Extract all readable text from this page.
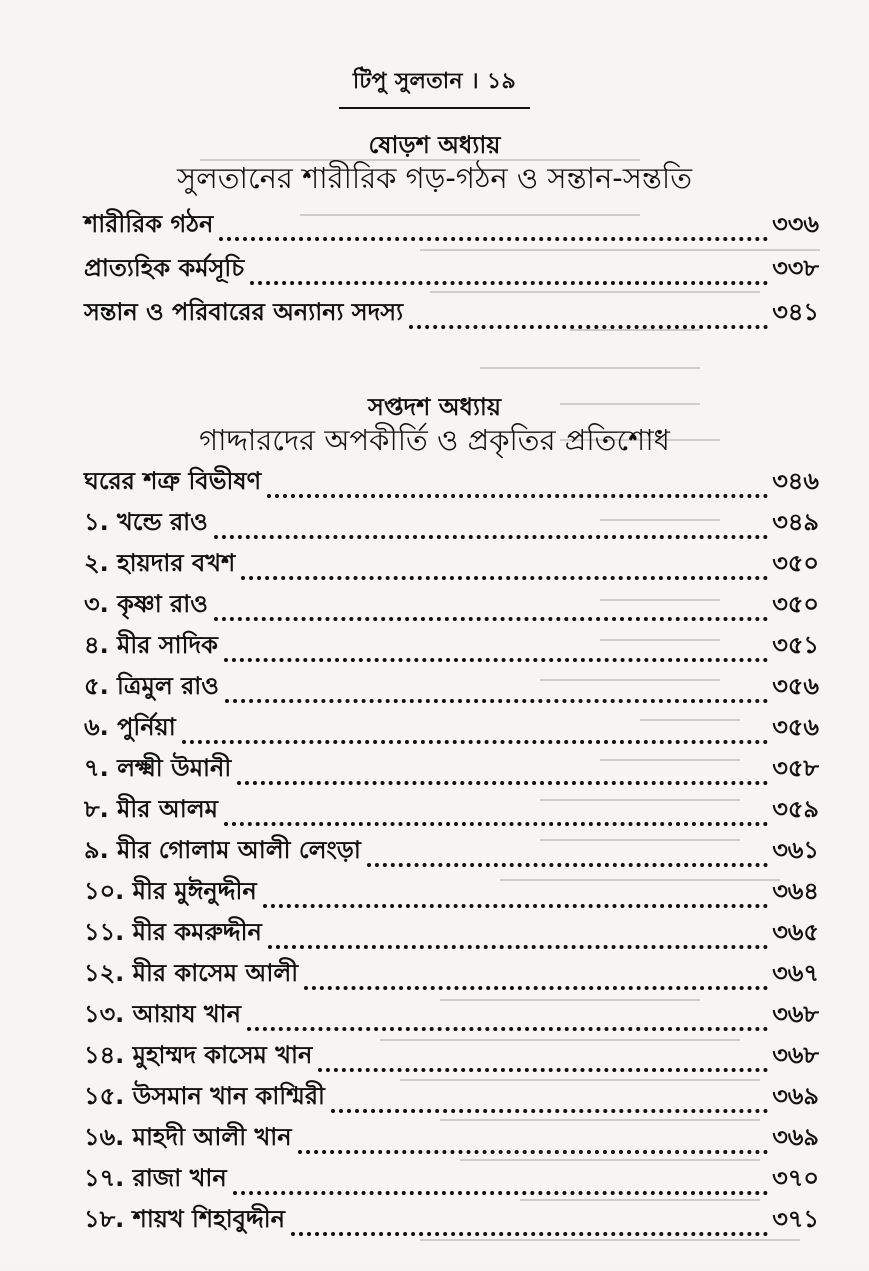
টিপু সুলতান । ১৯
ষোড়শ অধ্যায়
সুলতানের শারীরিক গড়-গঠন ও সন্তান-সন্ততি
শারীরিক গঠন	৩৩৬
প্রাত্যহিক কর্মসূচি	৩৩৮
সন্তান ও পরিবারের অন্যান্য সদস্য	৩৪১
সপ্তদশ অধ্যায়
গাদ্দারদের অপকীর্তি ও প্রকৃতির প্রতিশোধ
ঘরের শত্রু বিভীষণ	৩৪৬
১. খন্ডে রাও	৩৪৯
২. হায়দার বখশ	৩৫০
৩. কৃষ্ণা রাও	৩৫০
৪. মীর সাদিক	৩৫১
৫. ত্রিমুল রাও	৩৫৬
৬. পুর্নিয়া	৩৫৬
৭. লক্ষ্মী উমানী	৩৫৮
৮. মীর আলম	৩৫৯
৯. মীর গোলাম আলী লেংড়া	৩৬১
১০. মীর মুঈনুদ্দীন	৩৬৪
১১. মীর কমরুদ্দীন	৩৬৫
১২. মীর কাসেম আলী	৩৬৭
১৩. আয়ায খান	৩৬৮
১৪. মুহাম্মদ কাসেম খান	৩৬৮
১৫. উসমান খান কাশ্মিরী	৩৬৯
১৬. মাহদী আলী খান	৩৬৯
১৭. রাজা খান	৩৭০
১৮. শায়খ শিহাবুদ্দীন	৩৭১
